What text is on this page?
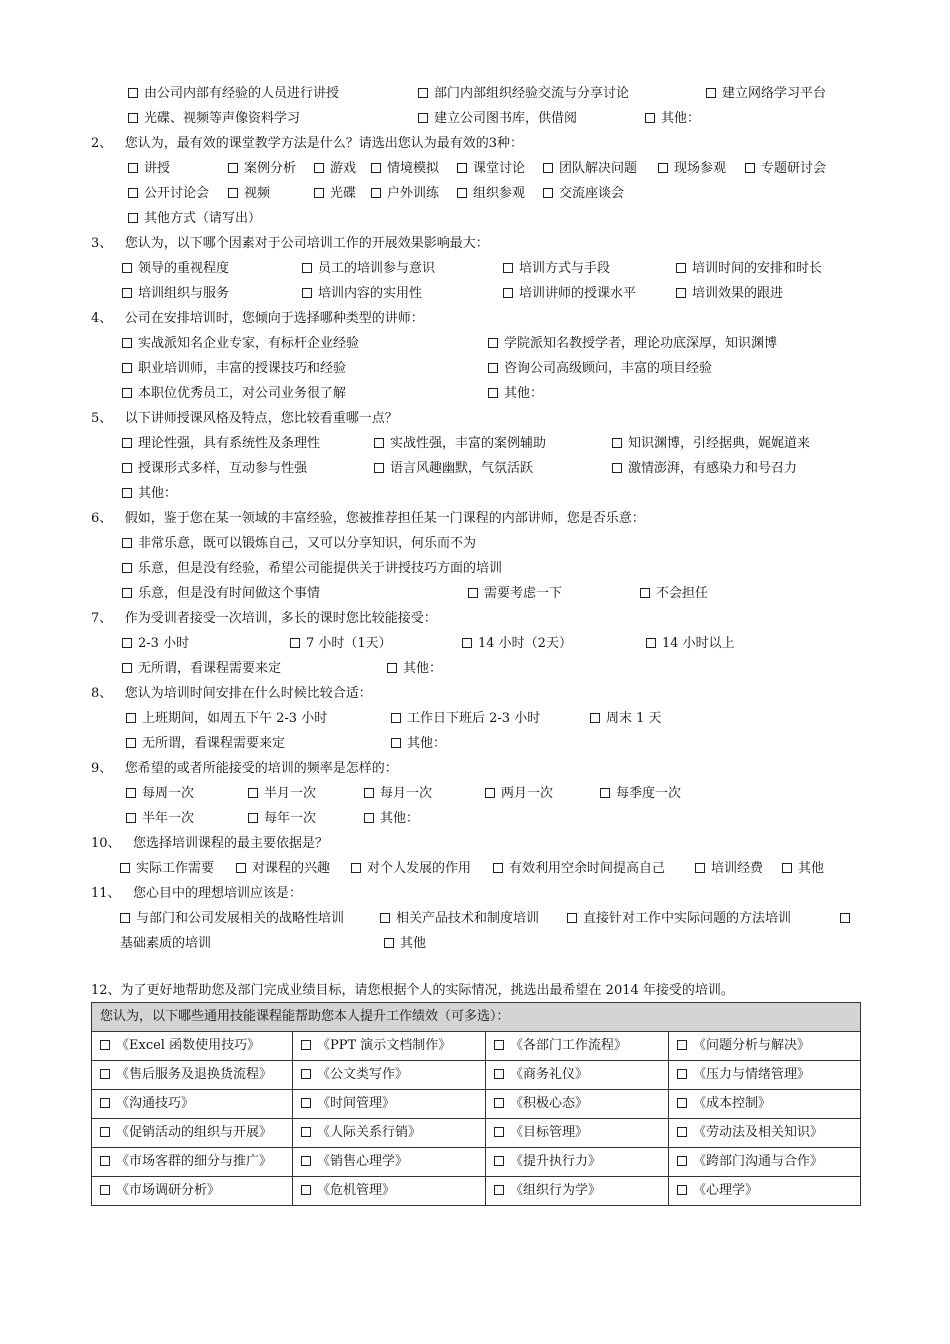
由公司内部有经验的人员进行讲授	部门内部组织经验交流与分享讨论	建立网络学习平台
光碟、视频等声像资料学习	建立公司图书库，供借阅	其他：
2、 您认为，最有效的课堂教学方法是什么？请选出您认为最有效的3种：
讲授	案例分析	游戏	情境模拟	课堂讨论	团队解决问题	现场参观	专题研讨会
公开讨论会	视频	光碟	户外训练	组织参观	交流座谈会
其他方式（请写出）
3、 您认为，以下哪个因素对于公司培训工作的开展效果影响最大：
领导的重视程度	员工的培训参与意识	培训方式与手段	培训时间的安排和时长
培训组织与服务	培训内容的实用性	培训讲师的授课水平	培训效果的跟进
4、 公司在安排培训时，您倾向于选择哪种类型的讲师：
实战派知名企业专家，有标杆企业经验	学院派知名教授学者，理论功底深厚，知识渊博
职业培训师，丰富的授课技巧和经验	咨询公司高级顾问，丰富的项目经验
本职位优秀员工，对公司业务很了解	其他：
5、 以下讲师授课风格及特点，您比较看重哪一点？
理论性强，具有系统性及条理性	实战性强，丰富的案例辅助	知识渊博，引经据典，娓娓道来
授课形式多样，互动参与性强	语言风趣幽默，气氛活跃	激情澎湃，有感染力和号召力
其他：
6、 假如，鉴于您在某一领域的丰富经验，您被推荐担任某一门课程的内部讲师，您是否乐意：
非常乐意，既可以锻炼自己，又可以分享知识，何乐而不为
乐意，但是没有经验，希望公司能提供关于讲授技巧方面的培训
乐意，但是没有时间做这个事情	需要考虑一下	不会担任
7、 作为受训者接受一次培训，多长的课时您比较能接受：
2-3 小时	7 小时（1天）	14 小时（2天）	14 小时以上
无所谓，看课程需要来定	其他：
8、 您认为培训时间安排在什么时候比较合适：
上班期间，如周五下午 2-3 小时	工作日下班后 2-3 小时	周末 1 天
无所谓，看课程需要来定	其他：
9、 您希望的或者所能接受的培训的频率是怎样的：
每周一次	半月一次	每月一次	两月一次	每季度一次
半年一次	每年一次	其他：
10、 您选择培训课程的最主要依据是？
实际工作需要	对课程的兴趣	对个人发展的作用	有效利用空余时间提高自己	培训经费	其他
11、 您心目中的理想培训应该是：
与部门和公司发展相关的战略性培训	相关产品技术和制度培训	直接针对工作中实际问题的方法培训
基础素质的培训	其他
12、为了更好地帮助您及部门完成业绩目标，请您根据个人的实际情况，挑选出最希望在 2014 年接受的培训。
您认为，以下哪些通用技能课程能帮助您本人提升工作绩效（可多选）：			
《Excel 函数使用技巧》	《PPT 演示文档制作》	《各部门工作流程》	《问题分析与解决》
《售后服务及退换货流程》	《公文类写作》	《商务礼仪》	《压力与情绪管理》
《沟通技巧》	《时间管理》	《积极心态》	《成本控制》
《促销活动的组织与开展》	《人际关系行销》	《目标管理》	《劳动法及相关知识》
《市场客群的细分与推广》	《销售心理学》	《提升执行力》	《跨部门沟通与合作》
《市场调研分析》	《危机管理》	《组织行为学》	《心理学》
